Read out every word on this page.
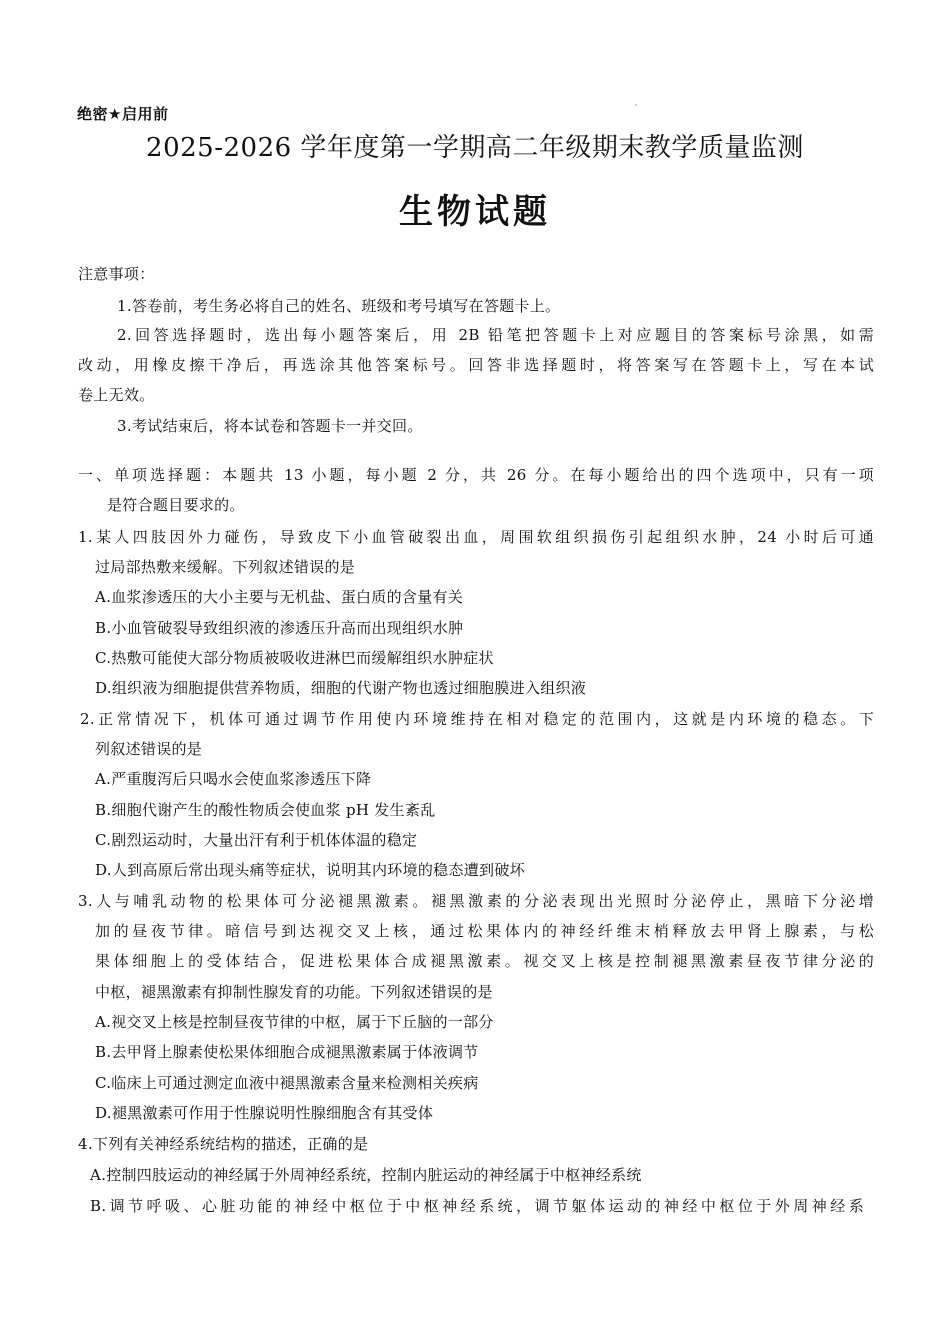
绝密★启用前
2025-2026 学年度第一学期高二年级期末教学质量监测
生物试题
注意事项：
1.答卷前，考生务必将自己的姓名、班级和考号填写在答题卡上。
2.回答选择题时，选出每小题答案后，用 2B 铅笔把答题卡上对应题目的答案标号涂黑，如需
改动，用橡皮擦干净后，再选涂其他答案标号。回答非选择题时，将答案写在答题卡上，写在本试
卷上无效。
3.考试结束后，将本试卷和答题卡一并交回。
一、单项选择题：本题共 13 小题，每小题 2 分，共 26 分。在每小题给出的四个选项中，只有一项
是符合题目要求的。
1.某人四肢因外力碰伤，导致皮下小血管破裂出血，周围软组织损伤引起组织水肿，24 小时后可通
过局部热敷来缓解。下列叙述错误的是
A.血浆渗透压的大小主要与无机盐、蛋白质的含量有关
B.小血管破裂导致组织液的渗透压升高而出现组织水肿
C.热敷可能使大部分物质被吸收进淋巴而缓解组织水肿症状
D.组织液为细胞提供营养物质，细胞的代谢产物也透过细胞膜进入组织液
2.正常情况下，机体可通过调节作用使内环境维持在相对稳定的范围内，这就是内环境的稳态。下
列叙述错误的是
A.严重腹泻后只喝水会使血浆渗透压下降
B.细胞代谢产生的酸性物质会使血浆 pH 发生紊乱
C.剧烈运动时，大量出汗有利于机体体温的稳定
D.人到高原后常出现头痛等症状，说明其内环境的稳态遭到破坏
3.人与哺乳动物的松果体可分泌褪黑激素。褪黑激素的分泌表现出光照时分泌停止，黑暗下分泌增
加的昼夜节律。暗信号到达视交叉上核，通过松果体内的神经纤维末梢释放去甲肾上腺素，与松
果体细胞上的受体结合，促进松果体合成褪黑激素。视交叉上核是控制褪黑激素昼夜节律分泌的
中枢，褪黑激素有抑制性腺发育的功能。下列叙述错误的是
A.视交叉上核是控制昼夜节律的中枢，属于下丘脑的一部分
B.去甲肾上腺素使松果体细胞合成褪黑激素属于体液调节
C.临床上可通过测定血液中褪黑激素含量来检测相关疾病
D.褪黑激素可作用于性腺说明性腺细胞含有其受体
4.下列有关神经系统结构的描述，正确的是
A.控制四肢运动的神经属于外周神经系统，控制内脏运动的神经属于中枢神经系统
B.调节呼吸、心脏功能的神经中枢位于中枢神经系统，调节躯体运动的神经中枢位于外周神经系
